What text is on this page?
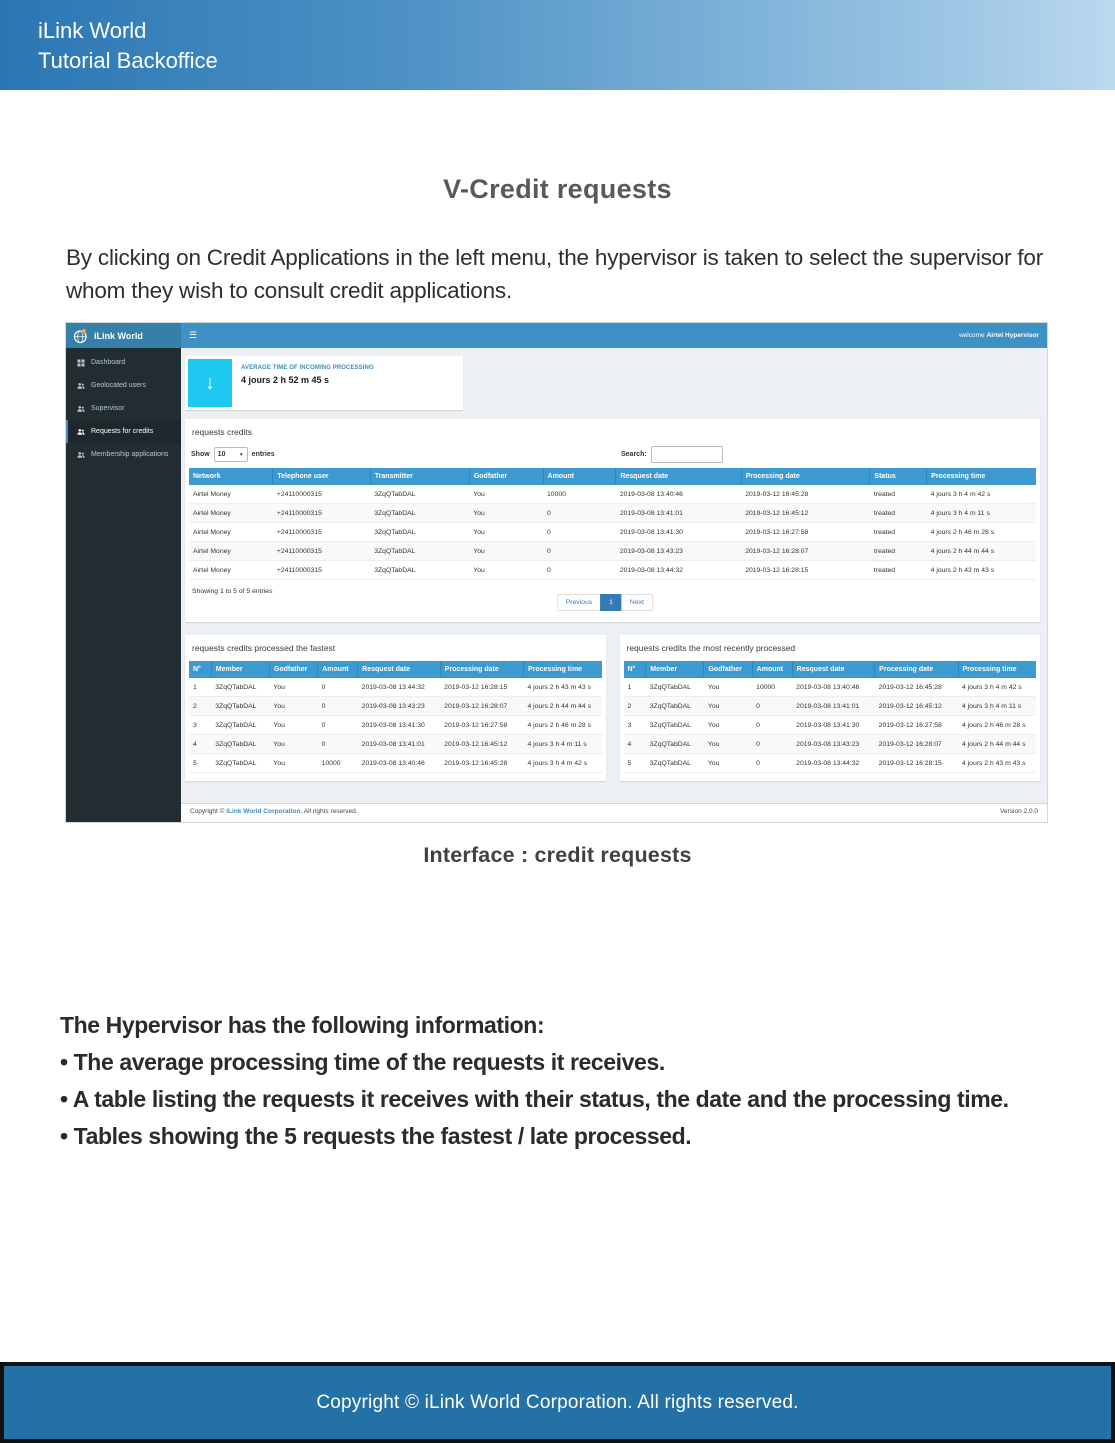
iLink World
Tutorial Backoffice
V-Credit requests

By clicking on Credit Applications in the left menu, the hypervisor is taken to select the supervisor for whom they wish to consult credit applications.

iLink World	☰	welcome Airtel Hypervisor
Dashboard
Geolocated users
Supervisor
Requests for credits
Membership applications
↓
AVERAGE TIME OF INCOMING PROCESSING
4 jours 2 h 52 m 45 s
requests credits
Show 10	▼ entries	Search:
Network	Telephone user	Transmitter	Godfather	Amount	Resquest date	Processing date	Status	Processing time
Airtel Money	+24110000315	3ZqQTabDAL	You	10000	2019-03-08 13:40:46	2019-03-12 16:45:28	treated	4 jours 3 h 4 m 42 s
Airtel Money	+24110000315	3ZqQTabDAL	You	0	2019-03-08 13:41:01	2019-03-12 16:45:12	treated	4 jours 3 h 4 m 11 s
Airtel Money	+24110000315	3ZqQTabDAL	You	0	2019-03-08 13:41:30	2019-03-12 16:27:58	treated	4 jours 2 h 46 m 28 s
Airtel Money	+24110000315	3ZqQTabDAL	You	0	2019-03-08 13:43:23	2019-03-12 16:28:07	treated	4 jours 2 h 44 m 44 s
Airtel Money	+24110000315	3ZqQTabDAL	You	0	2019-03-08 13:44:32	2019-03-12 16:28:15	treated	4 jours 2 h 43 m 43 s
Showing 1 to 5 of 5 entries
Previous	1	Next
requests credits processed the fastest
N°	Member	Godfather	Amount	Resquest date	Processing date	Processing time
1	3ZqQTabDAL	You	0	2019-03-08 13:44:32	2019-03-12 16:28:15	4 jours 2 h 43 m 43 s
2	3ZqQTabDAL	You	0	2019-03-08 13:43:23	2019-03-12 16:28:07	4 jours 2 h 44 m 44 s
3	3ZqQTabDAL	You	0	2019-03-08 13:41:30	2019-03-12 16:27:58	4 jours 2 h 46 m 28 s
4	3ZqQTabDAL	You	0	2019-03-08 13:41:01	2019-03-12 16:45:12	4 jours 3 h 4 m 11 s
5	3ZqQTabDAL	You	10000	2019-03-08 13:40:46	2019-03-12 16:45:28	4 jours 3 h 4 m 42 s
requests credits the most recently processed
N°	Member	Godfather	Amount	Resquest date	Processing date	Processing time
1	3ZqQTabDAL	You	10000	2019-03-08 13:40:46	2019-03-12 16:45:28	4 jours 3 h 4 m 42 s
2	3ZqQTabDAL	You	0	2019-03-08 13:41:01	2019-03-12 16:45:12	4 jours 3 h 4 m 11 s
3	3ZqQTabDAL	You	0	2019-03-08 13:41:30	2019-03-12 16:27:58	4 jours 2 h 46 m 28 s
4	3ZqQTabDAL	You	0	2019-03-08 13:43:23	2019-03-12 16:28:07	4 jours 2 h 44 m 44 s
5	3ZqQTabDAL	You	0	2019-03-08 13:44:32	2019-03-12 16:28:15	4 jours 2 h 43 m 43 s
Copyright © iLink World Corporation. All rights reserved.	Version 2.0.0
Interface : credit requests
The Hypervisor has the following information:
• The average processing time of the requests it receives.
• A table listing the requests it receives with their status, the date and the processing time.
• Tables showing the 5 requests the fastest / late processed.
Copyright © iLink World Corporation. All rights reserved.
